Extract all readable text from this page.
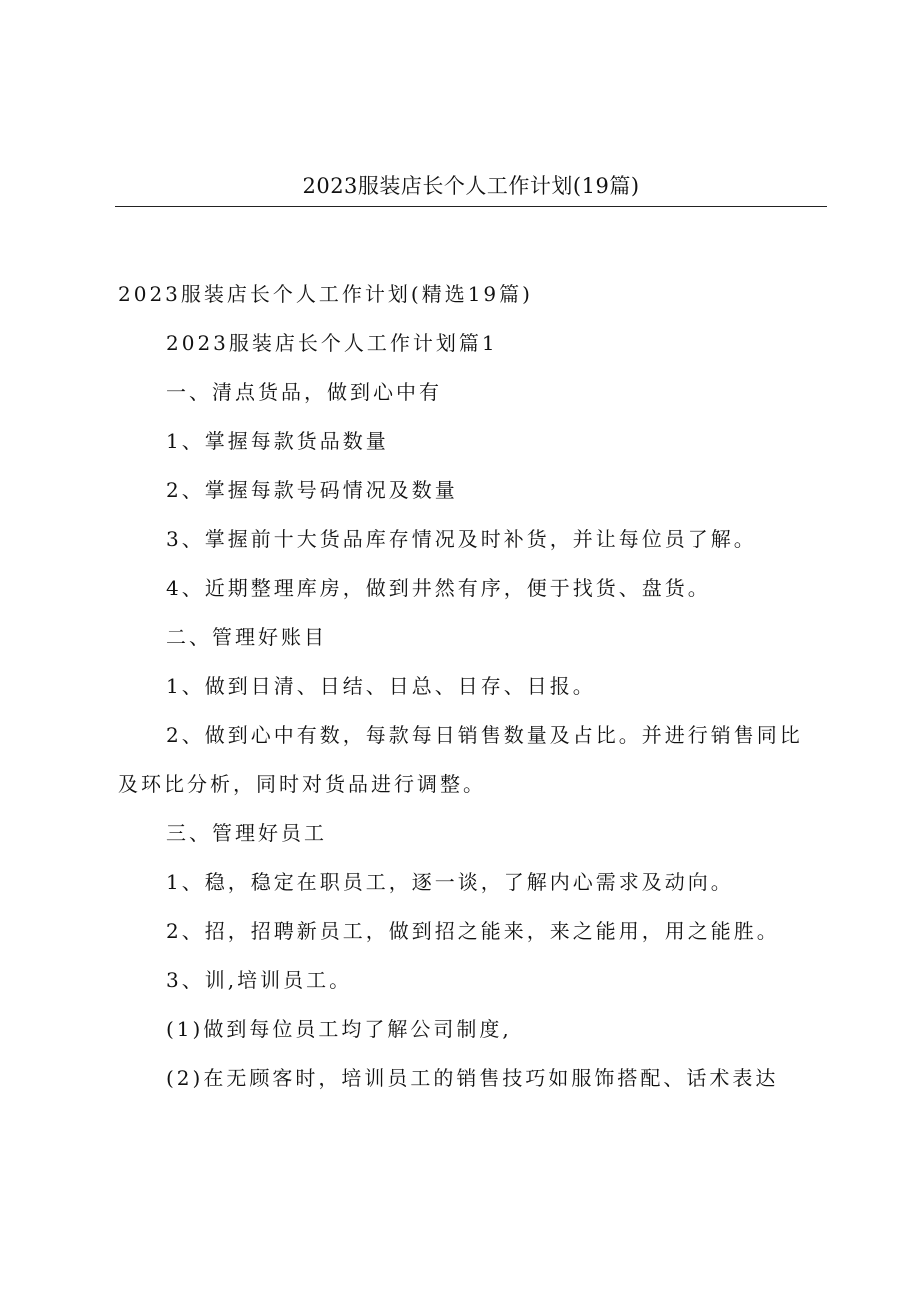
2023服装店长个人工作计划(19篇)

2023服装店长个人工作计划(精选19篇)

2023服装店长个人工作计划篇1

一、清点货品，做到心中有

1、掌握每款货品数量

2、掌握每款号码情况及数量

3、掌握前十大货品库存情况及时补货，并让每位员了解。

4、近期整理库房，做到井然有序，便于找货、盘货。

二、管理好账目

1、做到日清、日结、日总、日存、日报。

2、做到心中有数，每款每日销售数量及占比。并进行销售同比

及环比分析，同时对货品进行调整。

三、管理好员工

1、稳，稳定在职员工，逐一谈，了解内心需求及动向。

2、招，招聘新员工，做到招之能来，来之能用，用之能胜。

3、训,培训员工。

(1)做到每位员工均了解公司制度,

(2)在无顾客时，培训员工的销售技巧如服饰搭配、话术表达
